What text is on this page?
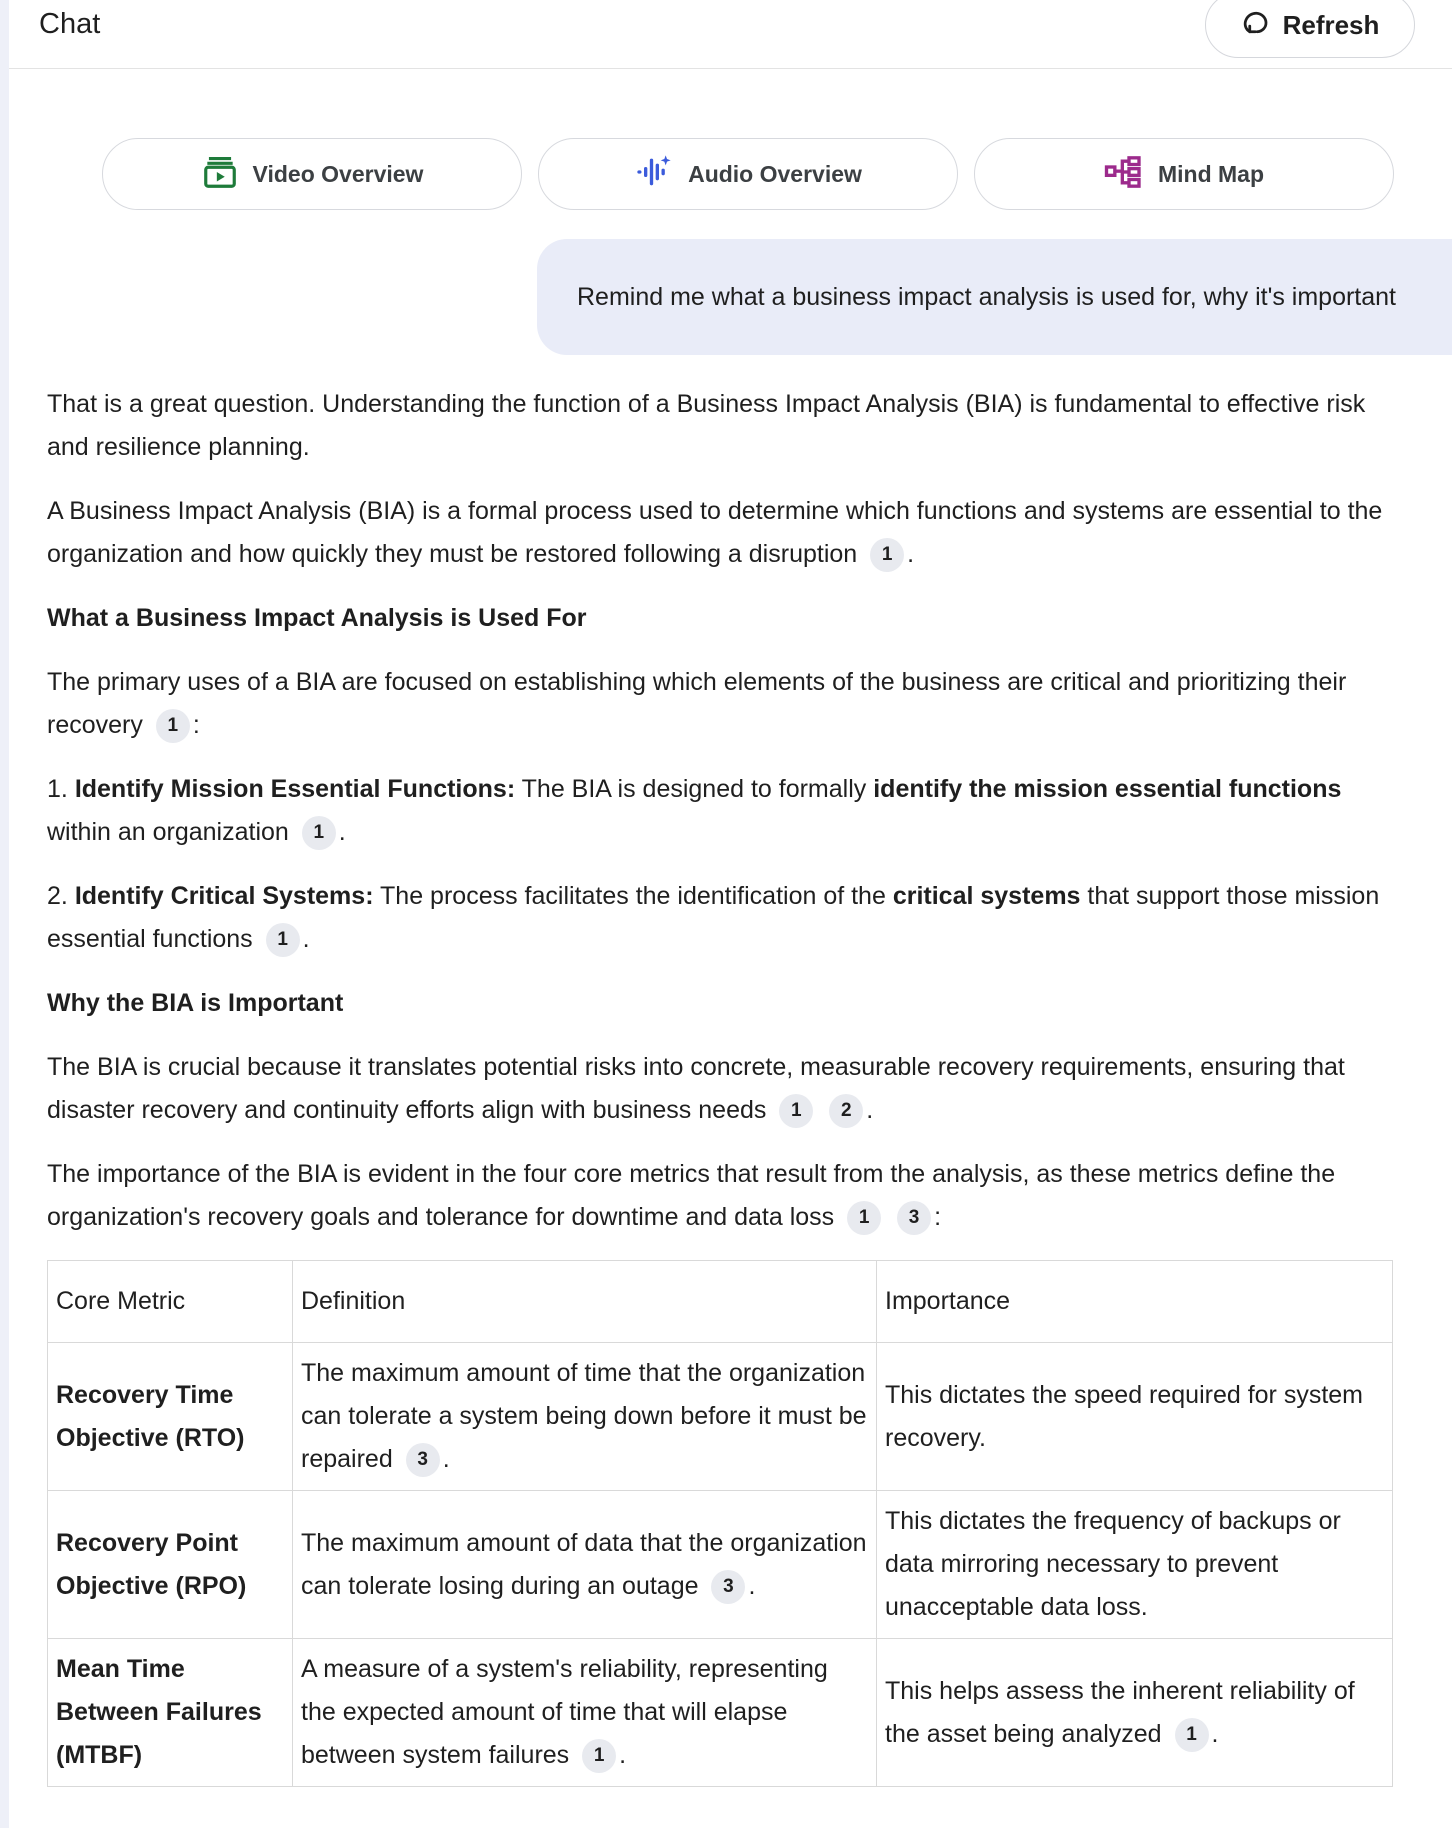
Chat	Refresh
Video Overview	Audio Overview	Mind Map
Remind me what a business impact analysis is used for, why it's important

That is a great question. Understanding the function of a Business Impact Analysis (BIA) is fundamental to effective risk and resilience planning.

A Business Impact Analysis (BIA) is a formal process used to determine which functions and systems are essential to the organization and how quickly they must be restored following a disruption 1 .

What a Business Impact Analysis is Used For

The primary uses of a BIA are focused on establishing which elements of the business are critical and prioritizing their recovery 1 :

1. Identify Mission Essential Functions: The BIA is designed to formally identify the mission essential functions within an organization 1 .

2. Identify Critical Systems: The process facilitates the identification of the critical systems that support those mission essential functions 1 .

Why the BIA is Important

The BIA is crucial because it translates potential risks into concrete, measurable recovery requirements, ensuring that disaster recovery and continuity efforts align with business needs 1 2 .

The importance of the BIA is evident in the four core metrics that result from the analysis, as these metrics define the organization's recovery goals and tolerance for downtime and data loss 1 3 :

Core Metric	Definition	Importance
Recovery Time Objective (RTO)	The maximum amount of time that the organization can tolerate a system being down before it must be repaired 3 .	This dictates the speed required for system recovery.
Recovery Point Objective (RPO)	The maximum amount of data that the organization can tolerate losing during an outage 3 .	This dictates the frequency of backups or data mirroring necessary to prevent unacceptable data loss.
Mean Time Between Failures (MTBF)	A measure of a system's reliability, representing the expected amount of time that will elapse between system failures 1 .	This helps assess the inherent reliability of the asset being analyzed 1 .
